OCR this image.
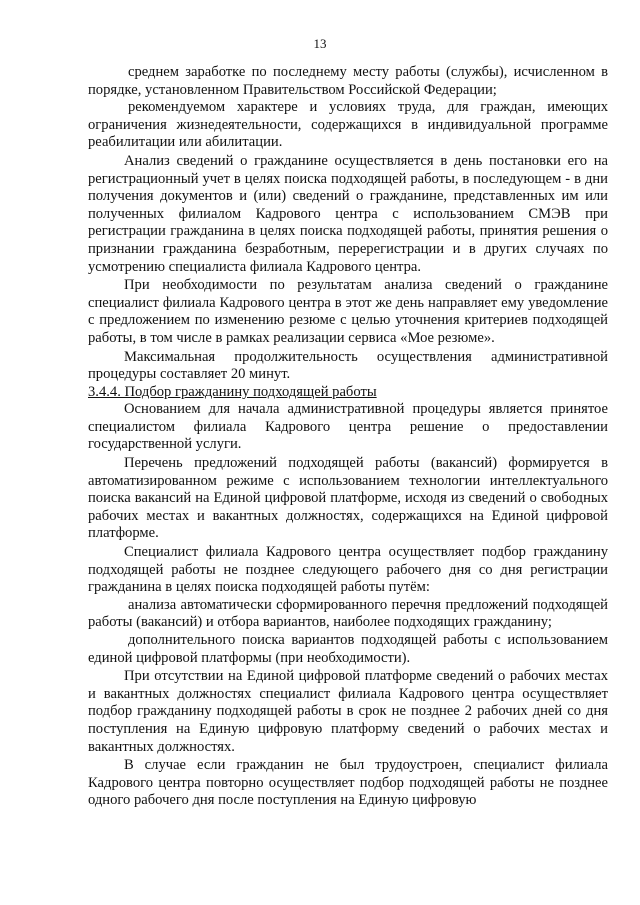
13

среднем заработке по последнему месту работы (службы), исчисленном в порядке, установленном Правительством Российской Федерации;

рекомендуемом характере и условиях труда, для граждан, имеющих ограничения жизнедеятельности, содержащихся в индивидуальной программе реабилитации или абилитации.

Анализ сведений о гражданине осуществляется в день постановки его на регистрационный учет в целях поиска подходящей работы, в последующем - в дни получения документов и (или) сведений о гражданине, представленных им или полученных филиалом Кадрового центра с использованием СМЭВ при регистрации гражданина в целях поиска подходящей работы, принятия решения о признании гражданина безработным, перерегистрации и в других случаях по усмотрению специалиста филиала Кадрового центра.

При необходимости по результатам анализа сведений о гражданине специалист филиала Кадрового центра в этот же день направляет ему уведомление с предложением по изменению резюме с целью уточнения критериев подходящей работы, в том числе в рамках реализации сервиса «Мое резюме».

Максимальная продолжительность осуществления административной процедуры составляет 20 минут.

3.4.4. Подбор гражданину подходящей работы

Основанием для начала административной процедуры является принятое специалистом филиала Кадрового центра решение о предоставлении государственной услуги.

Перечень предложений подходящей работы (вакансий) формируется в автоматизированном режиме с использованием технологии интеллектуального поиска вакансий на Единой цифровой платформе, исходя из сведений о свободных рабочих местах и вакантных должностях, содержащихся на Единой цифровой платформе.

Специалист филиала Кадрового центра осуществляет подбор гражданину подходящей работы не позднее следующего рабочего дня со дня регистрации гражданина в целях поиска подходящей работы путём:

анализа автоматически сформированного перечня предложений подходящей работы (вакансий) и отбора вариантов, наиболее подходящих гражданину;

дополнительного поиска вариантов подходящей работы с использованием единой цифровой платформы (при необходимости).

При отсутствии на Единой цифровой платформе сведений о рабочих местах и вакантных должностях специалист филиала Кадрового центра осуществляет подбор гражданину подходящей работы в срок не позднее 2 рабочих дней со дня поступления на Единую цифровую платформу сведений о рабочих местах и вакантных должностях.

В случае если гражданин не был трудоустроен, специалист филиала Кадрового центра повторно осуществляет подбор подходящей работы не позднее одного рабочего дня после поступления на Единую цифровую
